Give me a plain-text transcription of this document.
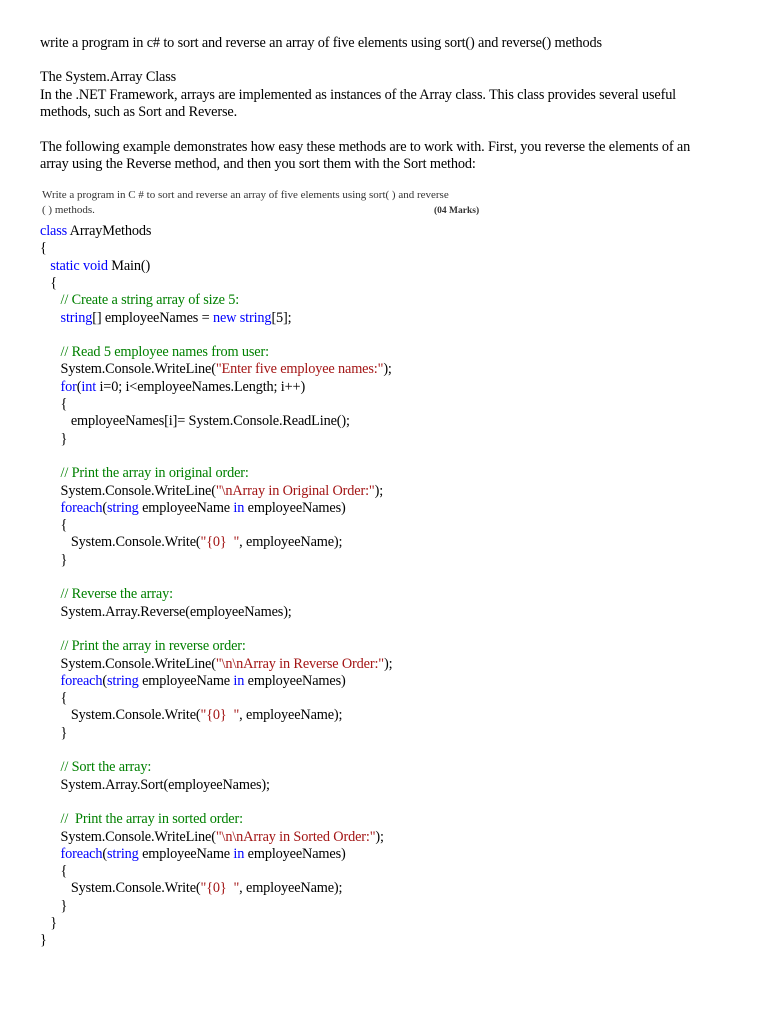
write a program in c# to sort and reverse an array of five elements using sort() and reverse() methods
The System.Array Class
In the .NET Framework, arrays are implemented as instances of the Array class. This class provides several useful
methods, such as Sort and Reverse.
The following example demonstrates how easy these methods are to work with. First, you reverse the elements of an
array using the Reverse method, and then you sort them with the Sort method:
Write a program in C # to sort and reverse an array of five elements using sort( ) and reverse
( ) methods.	(04 Marks)
class ArrayMethods
{
static void Main()
{
// Create a string array of size 5:
string[] employeeNames = new string[5];
// Read 5 employee names from user:
System.Console.WriteLine("Enter five employee names:");
for(int i=0; i<employeeNames.Length; i++)
{
employeeNames[i]= System.Console.ReadLine();
}
// Print the array in original order:
System.Console.WriteLine("\nArray in Original Order:");
foreach(string employeeName in employeeNames)
{
System.Console.Write("{0}  ", employeeName);
}
// Reverse the array:
System.Array.Reverse(employeeNames);
// Print the array in reverse order:
System.Console.WriteLine("\n\nArray in Reverse Order:");
foreach(string employeeName in employeeNames)
{
System.Console.Write("{0}  ", employeeName);
}
// Sort the array:
System.Array.Sort(employeeNames);
//  Print the array in sorted order:
System.Console.WriteLine("\n\nArray in Sorted Order:");
foreach(string employeeName in employeeNames)
{
System.Console.Write("{0}  ", employeeName);
}
}
}
